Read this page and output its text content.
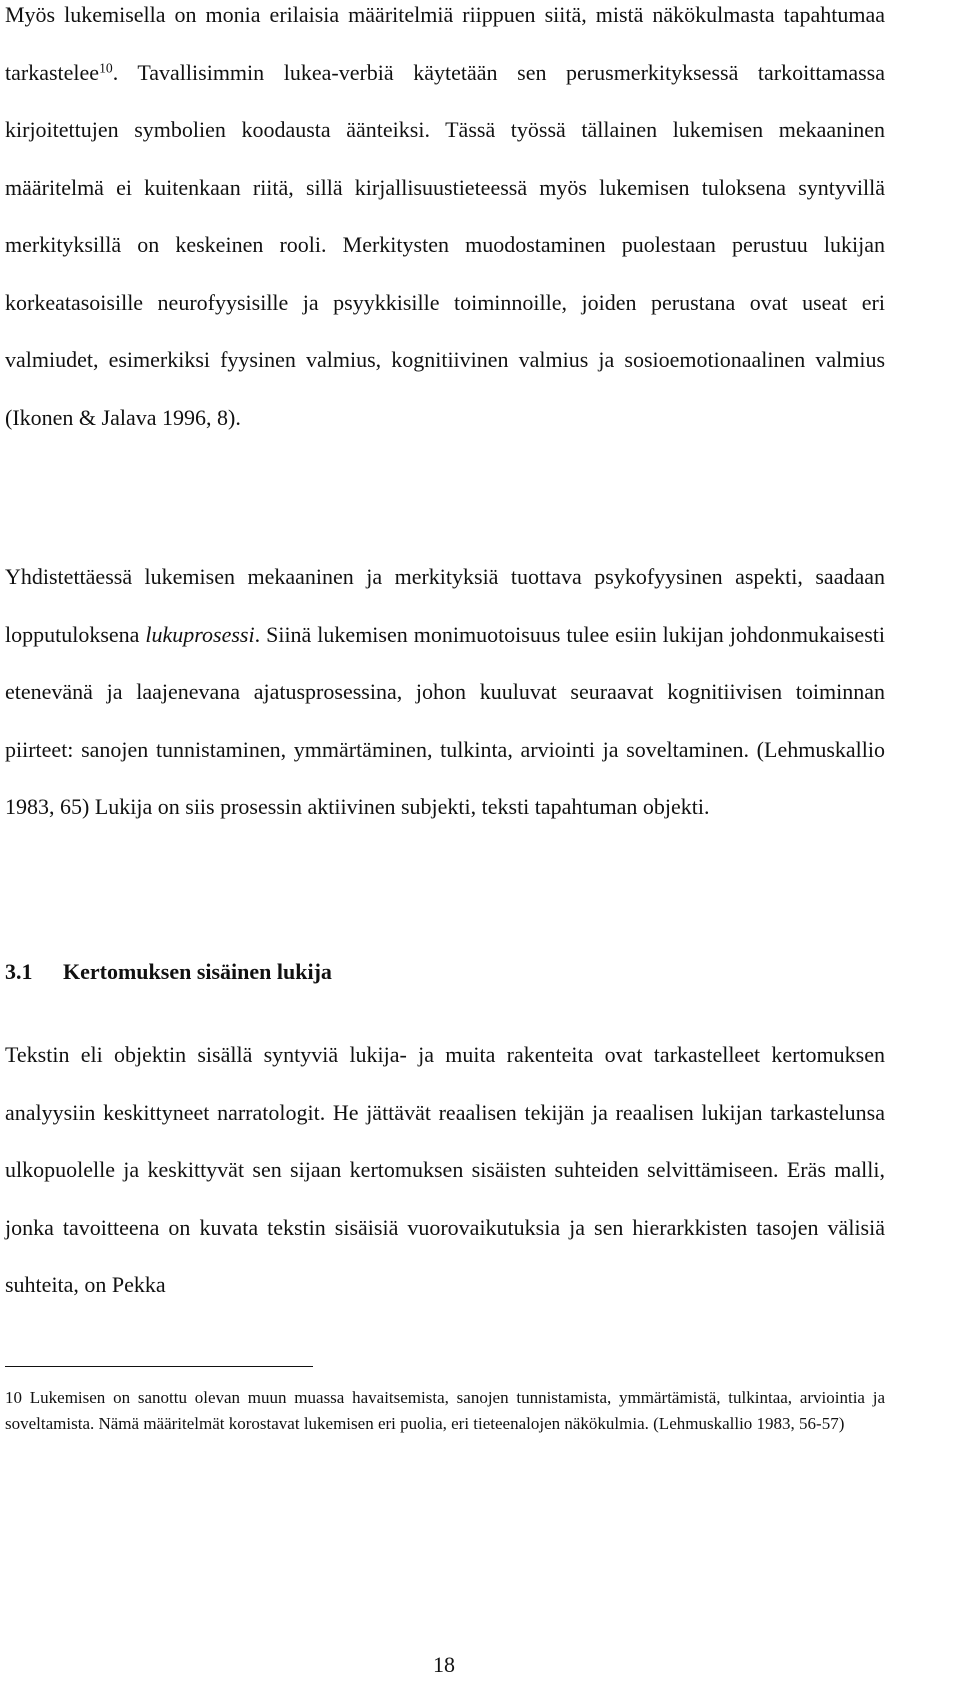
Myös lukemisella on monia erilaisia määritelmiä riippuen siitä, mistä näkökulmasta tapahtumaa tarkastelee$^{10}$. Tavallisimmin lukea-verbiä käytetään sen perusmerkityksessä tarkoittamassa kirjoitettujen symbolien koodausta äänteiksi. Tässä työssä tällainen lukemisen mekaaninen määritelmä ei kuitenkaan riitä, sillä kirjallisuustieteessä myös lukemisen tuloksena syntyvillä merkityksillä on keskeinen rooli. Merkitysten muodostaminen puolestaan perustuu lukijan korkeatasoisille neurofyysisille ja psyykkisille toiminnoille, joiden perustana ovat useat eri valmiudet, esimerkiksi fyysinen valmius, kognitiivinen valmius ja sosioemotionaalinen valmius (Ikonen & Jalava 1996, 8).

Yhdistettäessä lukemisen mekaaninen ja merkityksiä tuottava psykofyysinen aspekti, saadaan lopputuloksena lukuprosessi. Siinä lukemisen monimuotoisuus tulee esiin lukijan johdonmukaisesti etenevänä ja laajenevana ajatusprosessina, johon kuuluvat seuraavat kognitiivisen toiminnan piirteet: sanojen tunnistaminen, ymmärtäminen, tulkinta, arviointi ja soveltaminen. (Lehmuskallio 1983, 65) Lukija on siis prosessin aktiivinen subjekti, teksti tapahtuman objekti.

3.1 Kertomuksen sisäinen lukija

Tekstin eli objektin sisällä syntyviä lukija- ja muita rakenteita ovat tarkastelleet kertomuksen analyysiin keskittyneet narratologit. He jättävät reaalisen tekijän ja reaalisen lukijan tarkastelunsa ulkopuolelle ja keskittyvät sen sijaan kertomuksen sisäisten suhteiden selvittämiseen. Eräs malli, jonka tavoitteena on kuvata tekstin sisäisiä vuorovaikutuksia ja sen hierarkkisten tasojen välisiä suhteita, on Pekka

10 Lukemisen on sanottu olevan muun muassa havaitsemista, sanojen tunnistamista, ymmärtämistä, tulkintaa, arviointia ja soveltamista. Nämä määritelmät korostavat lukemisen eri puolia, eri tieteenalojen näkökulmia. (Lehmuskallio 1983, 56-57)

18
